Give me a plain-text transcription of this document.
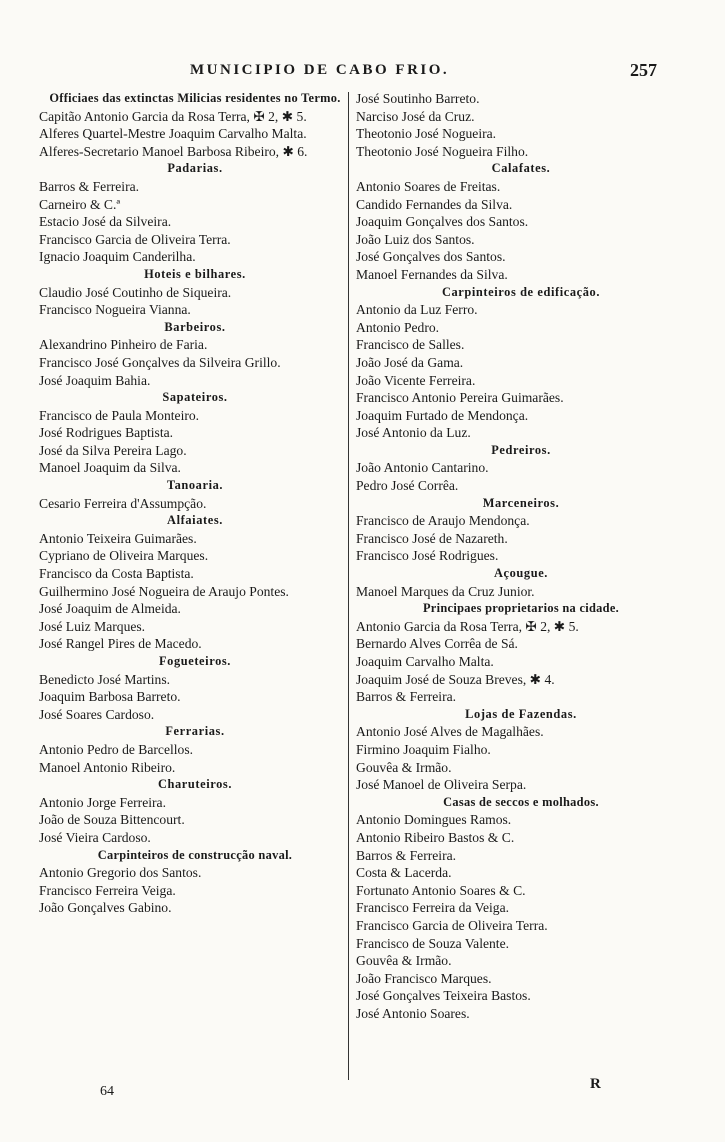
MUNICIPIO DE CABO FRIO.	257
Officiaes das extinctas Milicias residentes no Termo.
Capitão Antonio Garcia da Rosa Terra, ✠ 2, ✱ 5.
Alferes Quartel-Mestre Joaquim Carvalho Malta.
Alferes-Secretario Manoel Barbosa Ribeiro, ✱ 6.
Padarias.
Barros & Ferreira.
Carneiro & C.ª
Estacio José da Silveira.
Francisco Garcia de Oliveira Terra.
Ignacio Joaquim Canderilha.
Hoteis e bilhares.
Claudio José Coutinho de Siqueira.
Francisco Nogueira Vianna.
Barbeiros.
Alexandrino Pinheiro de Faria.
Francisco José Gonçalves da Silveira Grillo.
José Joaquim Bahia.
Sapateiros.
Francisco de Paula Monteiro.
José Rodrigues Baptista.
José da Silva Pereira Lago.
Manoel Joaquim da Silva.
Tanoaria.
Cesario Ferreira d'Assumpção.
Alfaiates.
Antonio Teixeira Guimarães.
Cypriano de Oliveira Marques.
Francisco da Costa Baptista.
Guilhermino José Nogueira de Araujo Pontes.
José Joaquim de Almeida.
José Luiz Marques.
José Rangel Pires de Macedo.
Fogueteiros.
Benedicto José Martins.
Joaquim Barbosa Barreto.
José Soares Cardoso.
Ferrarias.
Antonio Pedro de Barcellos.
Manoel Antonio Ribeiro.
Charuteiros.
Antonio Jorge Ferreira.
João de Souza Bittencourt.
José Vieira Cardoso.
Carpinteiros de construcção naval.
Antonio Gregorio dos Santos.
Francisco Ferreira Veiga.
João Gonçalves Gabino.
José Soutinho Barreto.
Narciso José da Cruz.
Theotonio José Nogueira.
Theotonio José Nogueira Filho.
Calafates.
Antonio Soares de Freitas.
Candido Fernandes da Silva.
Joaquim Gonçalves dos Santos.
João Luiz dos Santos.
José Gonçalves dos Santos.
Manoel Fernandes da Silva.
Carpinteiros de edificação.
Antonio da Luz Ferro.
Antonio Pedro.
Francisco de Salles.
João José da Gama.
João Vicente Ferreira.
Francisco Antonio Pereira Guimarães.
Joaquim Furtado de Mendonça.
José Antonio da Luz.
Pedreiros.
João Antonio Cantarino.
Pedro José Corrêa.
Marceneiros.
Francisco de Araujo Mendonça.
Francisco José de Nazareth.
Francisco José Rodrigues.
Açougue.
Manoel Marques da Cruz Junior.
Principaes proprietarios na cidade.
Antonio Garcia da Rosa Terra, ✠ 2, ✱ 5.
Bernardo Alves Corrêa de Sá.
Joaquim Carvalho Malta.
Joaquim José de Souza Breves, ✱ 4.
Barros & Ferreira.
Lojas de Fazendas.
Antonio José Alves de Magalhães.
Firmino Joaquim Fialho.
Gouvêa & Irmão.
José Manoel de Oliveira Serpa.
Casas de seccos e molhados.
Antonio Domingues Ramos.
Antonio Ribeiro Bastos & C.
Barros & Ferreira.
Costa & Lacerda.
Fortunato Antonio Soares & C.
Francisco Ferreira da Veiga.
Francisco Garcia de Oliveira Terra.
Francisco de Souza Valente.
Gouvêa & Irmão.
João Francisco Marques.
José Gonçalves Teixeira Bastos.
José Antonio Soares.
64	R
